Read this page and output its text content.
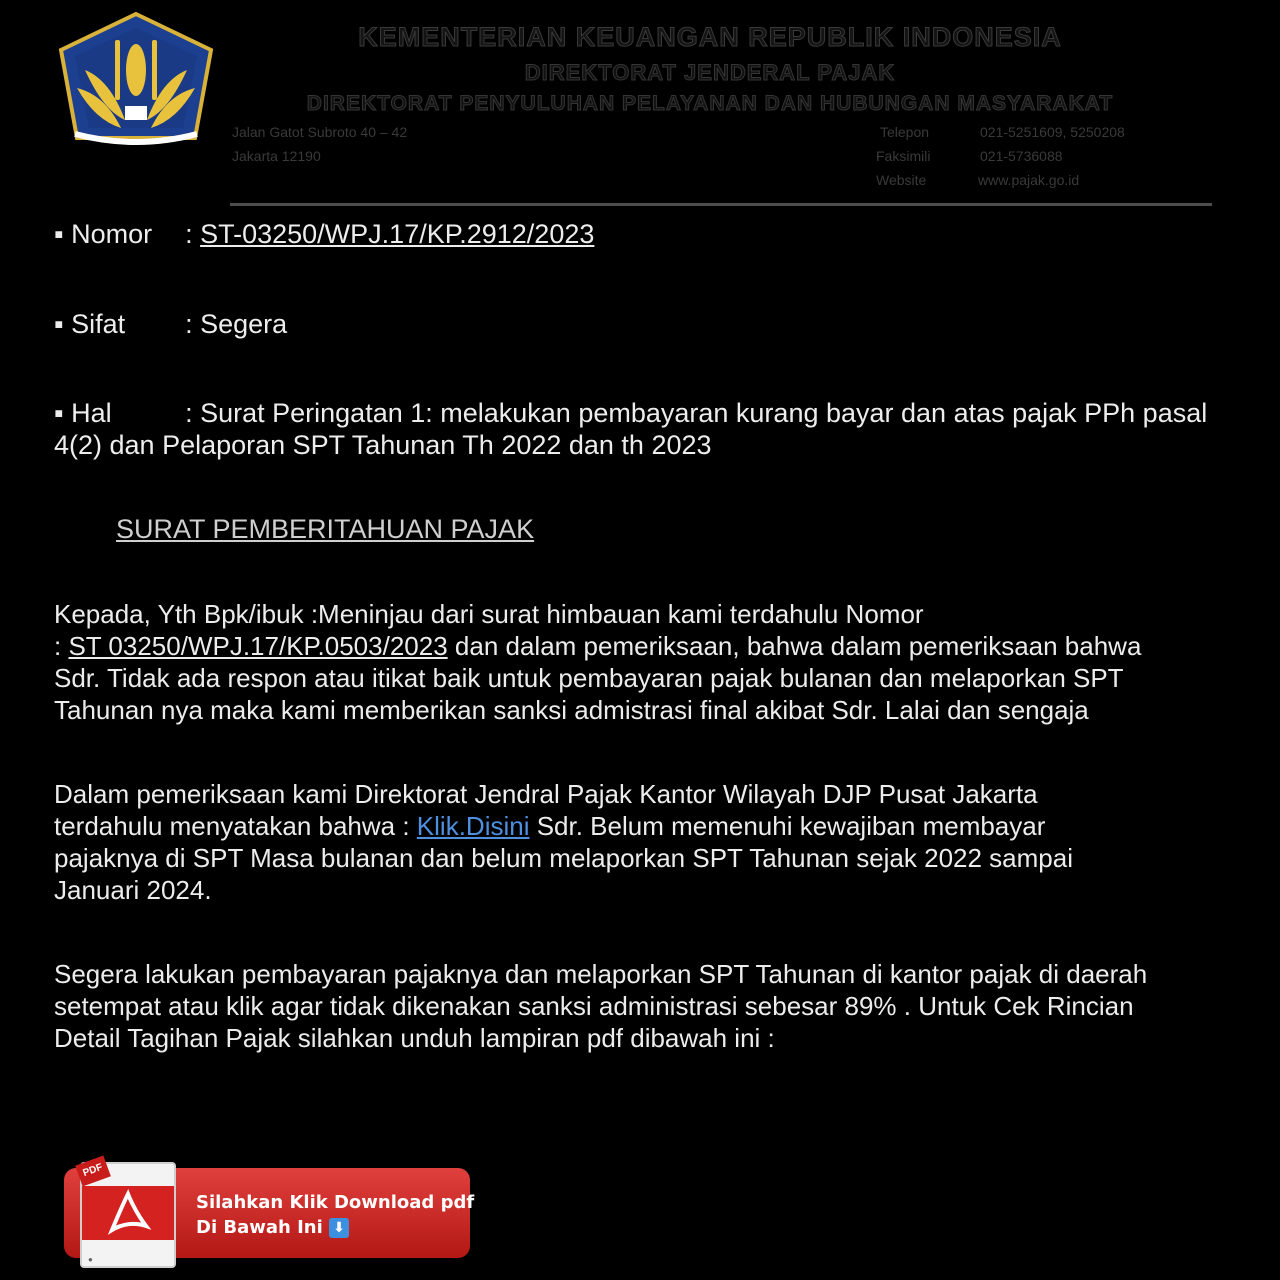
KEMENTERIAN KEUANGAN REPUBLIK INDONESIA
DIREKTORAT JENDERAL PAJAK
DIREKTORAT PENYULUHAN PELAYANAN DAN HUBUNGAN MASYARAKAT
Jalan Gatot Subroto 40 – 42
Jakarta 12190
Telepon	021-5251609, 5250208
Faksimili	021-5736088
Website	www.pajak.go.id
▪ Nomor : ST-03250/WPJ.17/KP.2912/2023
▪ Sifat : Segera
▪ Hal	: Surat Peringatan 1: melakukan pembayaran kurang bayar dan atas pajak PPh pasal
4(2) dan Pelaporan SPT Tahunan Th 2022 dan th 2023
SURAT PEMBERITAHUAN PAJAK
Kepada, Yth Bpk/ibuk :Meninjau dari surat himbauan kami terdahulu Nomor
: ST 03250/WPJ.17/KP.0503/2023 dan dalam pemeriksaan, bahwa dalam pemeriksaan bahwa
Sdr. Tidak ada respon atau itikat baik untuk pembayaran pajak bulanan dan melaporkan SPT
Tahunan nya maka kami memberikan sanksi admistrasi final akibat Sdr. Lalai dan sengaja
Dalam pemeriksaan kami Direktorat Jendral Pajak Kantor Wilayah DJP Pusat Jakarta
terdahulu menyatakan bahwa : Klik.Disini Sdr. Belum memenuhi kewajiban membayar
pajaknya di SPT Masa bulanan dan belum melaporkan SPT Tahunan sejak 2022 sampai
Januari 2024.
Segera lakukan pembayaran pajaknya dan melaporkan SPT Tahunan di kantor pajak di daerah
setempat atau klik agar tidak dikenakan sanksi administrasi sebesar 89% . Untuk Cek Rincian
Detail Tagihan Pajak silahkan unduh lampiran pdf dibawah ini :
PDF
●
Silahkan Klik Download pdf
Di Bawah Ini ⬇
